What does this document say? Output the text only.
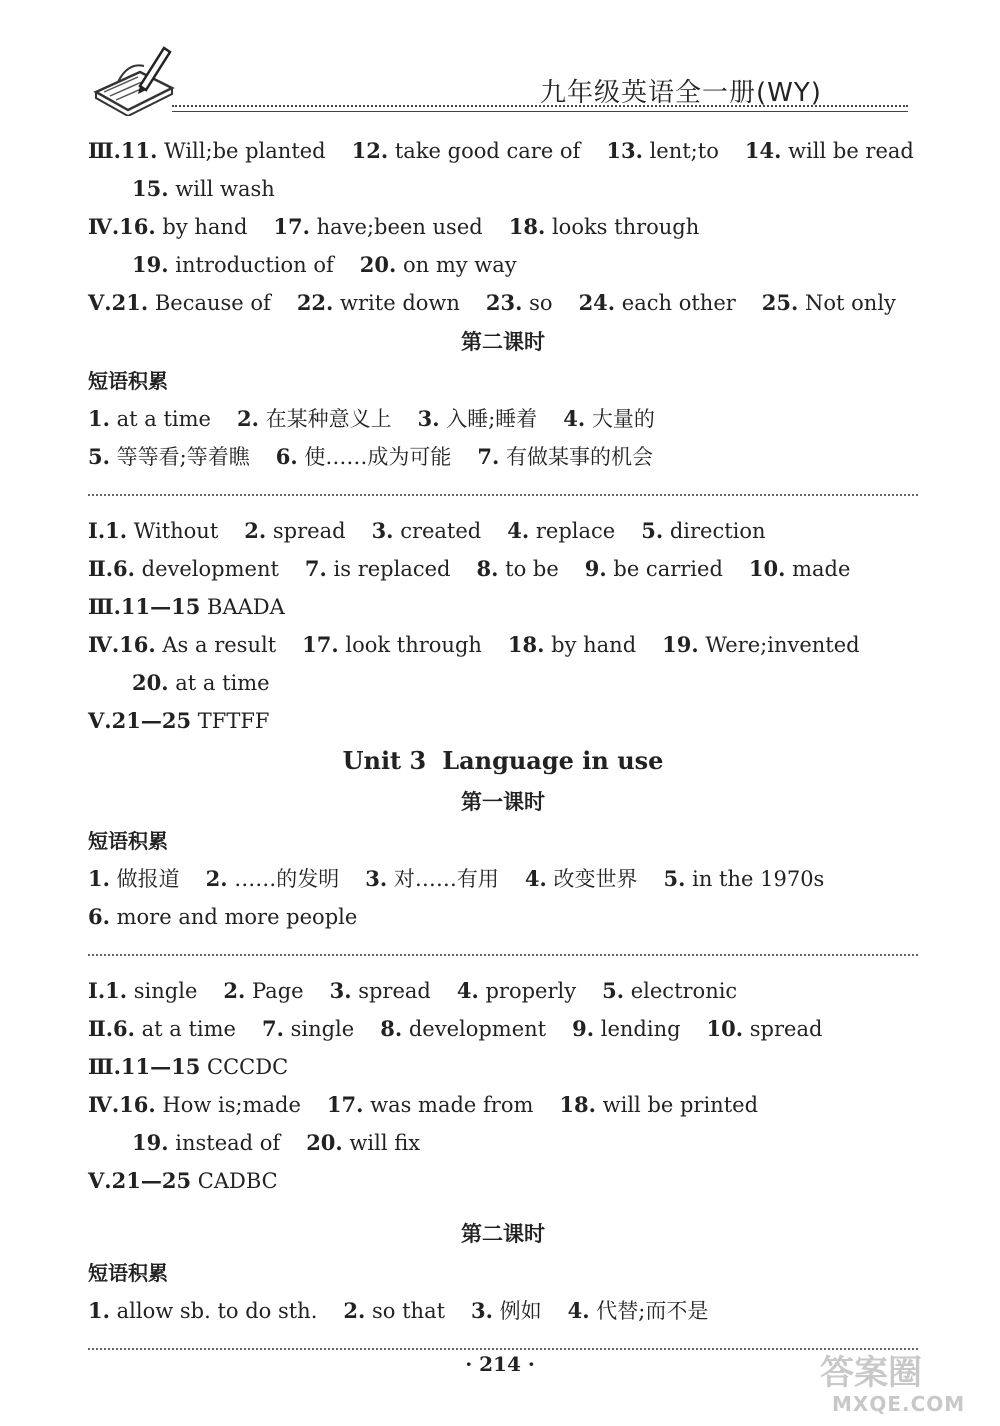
九年级英语全一册(WY)
Ⅲ.11. Will;be planted 12. take good care of 13. lent;to 14. will be read
15. will wash
Ⅳ.16. by hand 17. have;been used 18. looks through
19. introduction of 20. on my way
Ⅴ.21. Because of 22. write down 23. so 24. each other 25. Not only
第二课时
短语积累
1. at a time 2. 在某种意义上 3. 入睡;睡着 4. 大量的
5. 等等看;等着瞧 6. 使……成为可能 7. 有做某事的机会
Ⅰ.1. Without 2. spread 3. created 4. replace 5. direction
Ⅱ.6. development 7. is replaced 8. to be 9. be carried 10. made
Ⅲ.11—15 BAADA
Ⅳ.16. As a result 17. look through 18. by hand 19. Were;invented
20. at a time
Ⅴ.21—25 TFTFF
Unit 3 Language in use
第一课时
短语积累
1. 做报道 2. ……的发明 3. 对……有用 4. 改变世界 5. in the 1970s
6. more and more people
Ⅰ.1. single 2. Page 3. spread 4. properly 5. electronic
Ⅱ.6. at a time 7. single 8. development 9. lending 10. spread
Ⅲ.11—15 CCCDC
Ⅳ.16. How is;made 17. was made from 18. will be printed
19. instead of 20. will fix
Ⅴ.21—25 CADBC
第二课时
短语积累
1. allow sb. to do sth. 2. so that 3. 例如 4. 代替;而不是
· 214 ·	答案圈
MXQE.COM
